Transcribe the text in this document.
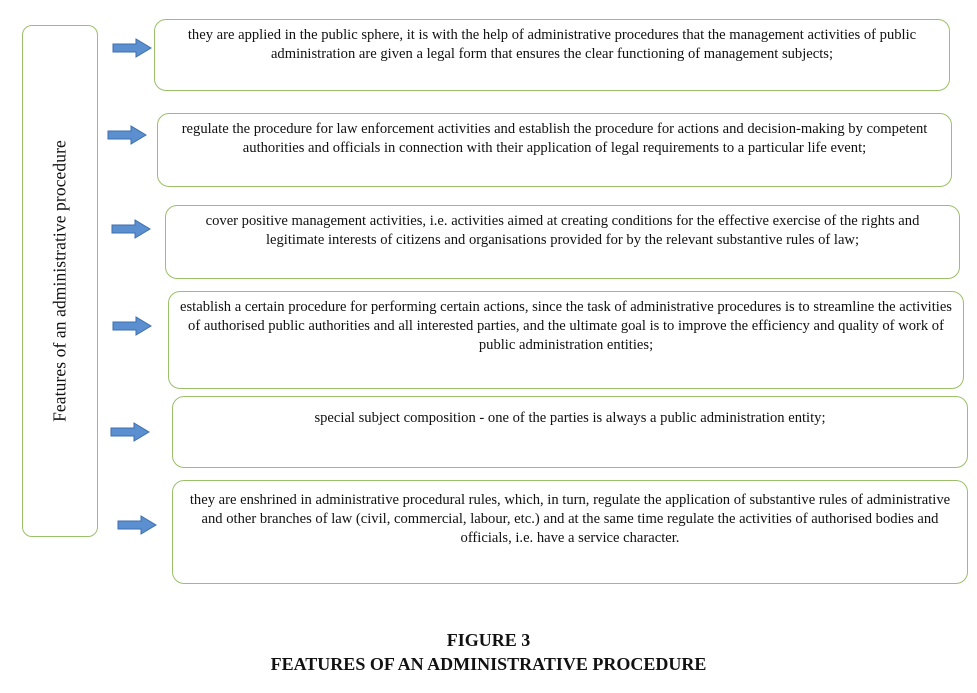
Features of an administrative procedure

they are applied in the public sphere, it is with the help of administrative procedures that the management activities of public administration are given a legal form that ensures the clear functioning of management subjects;

regulate the procedure for law enforcement activities and establish the procedure for actions and decision-making by competent authorities and officials in connection with their application of legal requirements to a particular life event;

cover positive management activities, i.e. activities aimed at creating conditions for the effective exercise of the rights and legitimate interests of citizens and organisations provided for by the relevant substantive rules of law;

establish a certain procedure for performing certain actions, since the task of administrative procedures is to streamline the activities of authorised public authorities and all interested parties, and the ultimate goal is to improve the efficiency and quality of work of public administration entities;

special subject composition - one of the parties is always a public administration entity;

they are enshrined in administrative procedural rules, which, in turn, regulate the application of substantive rules of administrative and other branches of law (civil, commercial, labour, etc.) and at the same time regulate the activities of authorised bodies and officials, i.e. have a service character.

FIGURE 3
FEATURES OF AN ADMINISTRATIVE PROCEDURE
